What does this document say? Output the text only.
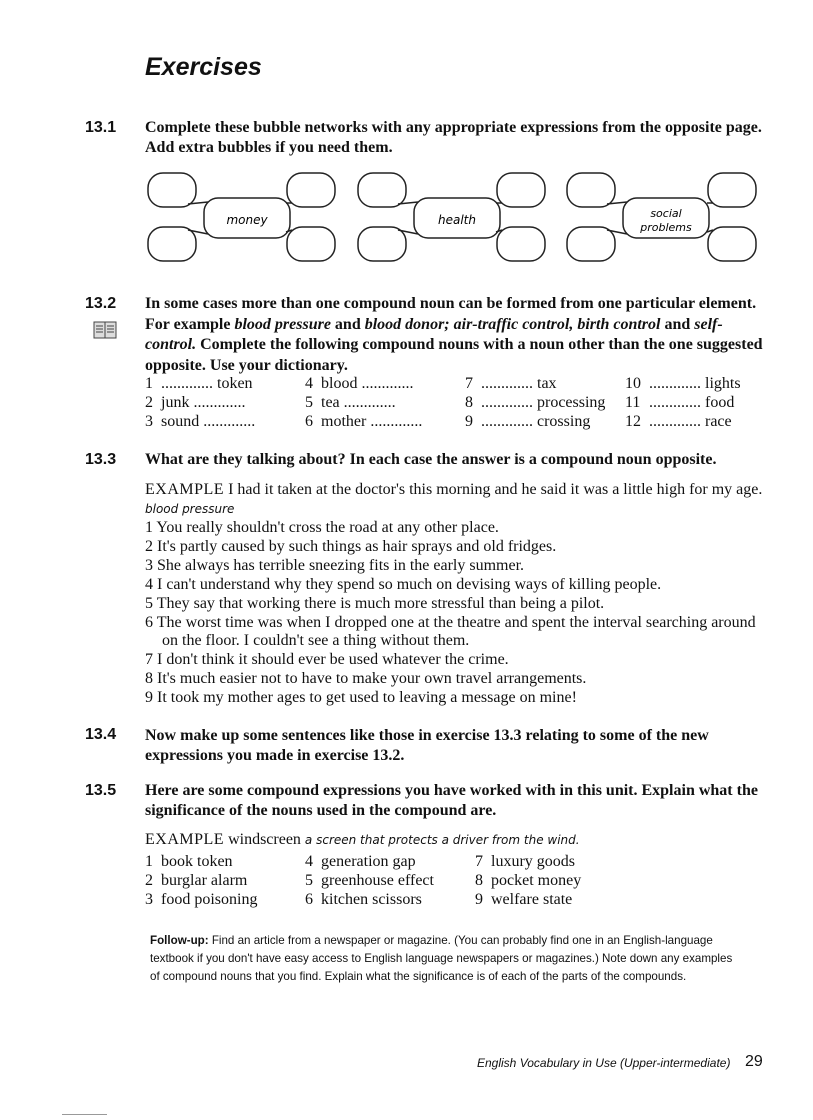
Exercises
13.1 Complete these bubble networks with any appropriate expressions from the opposite page. Add extra bubbles if you need them.
money	health	social
problems
13.2 In some cases more than one compound noun can be formed from one particular element. For example blood pressure and blood donor; air-traffic control, birth control and self-control. Complete the following compound nouns with a noun other than the one suggested opposite. Use your dictionary.
1 ............. token	4 blood .............	7 ............. tax	10 ............. lights
2 junk .............	5 tea .............	8 ............. processing	11 ............. food
3 sound .............	6 mother .............	9 ............. crossing	12 ............. race
13.3 What are they talking about? In each case the answer is a compound noun opposite.
EXAMPLE I had it taken at the doctor's this morning and he said it was a little high for my age. blood pressure
1 You really shouldn't cross the road at any other place.
2 It's partly caused by such things as hair sprays and old fridges.
3 She always has terrible sneezing fits in the early summer.
4 I can't understand why they spend so much on devising ways of killing people.
5 They say that working there is much more stressful than being a pilot.
6 The worst time was when I dropped one at the theatre and spent the interval searching around on the floor. I couldn't see a thing without them.
7 I don't think it should ever be used whatever the crime.
8 It's much easier not to have to make your own travel arrangements.
9 It took my mother ages to get used to leaving a message on mine!
13.4 Now make up some sentences like those in exercise 13.3 relating to some of the new expressions you made in exercise 13.2.
13.5 Here are some compound expressions you have worked with in this unit. Explain what the significance of the nouns used in the compound are.
EXAMPLE windscreen a screen that protects a driver from the wind.
1 book token	4 generation gap	7 luxury goods
2 burglar alarm	5 greenhouse effect	8 pocket money
3 food poisoning	6 kitchen scissors	9 welfare state
Follow-up: Find an article from a newspaper or magazine. (You can probably find one in an English-language textbook if you don't have easy access to English language newspapers or magazines.) Note down any examples of compound nouns that you find. Explain what the significance is of each of the parts of the compounds.
English Vocabulary in Use (Upper-intermediate) 29
